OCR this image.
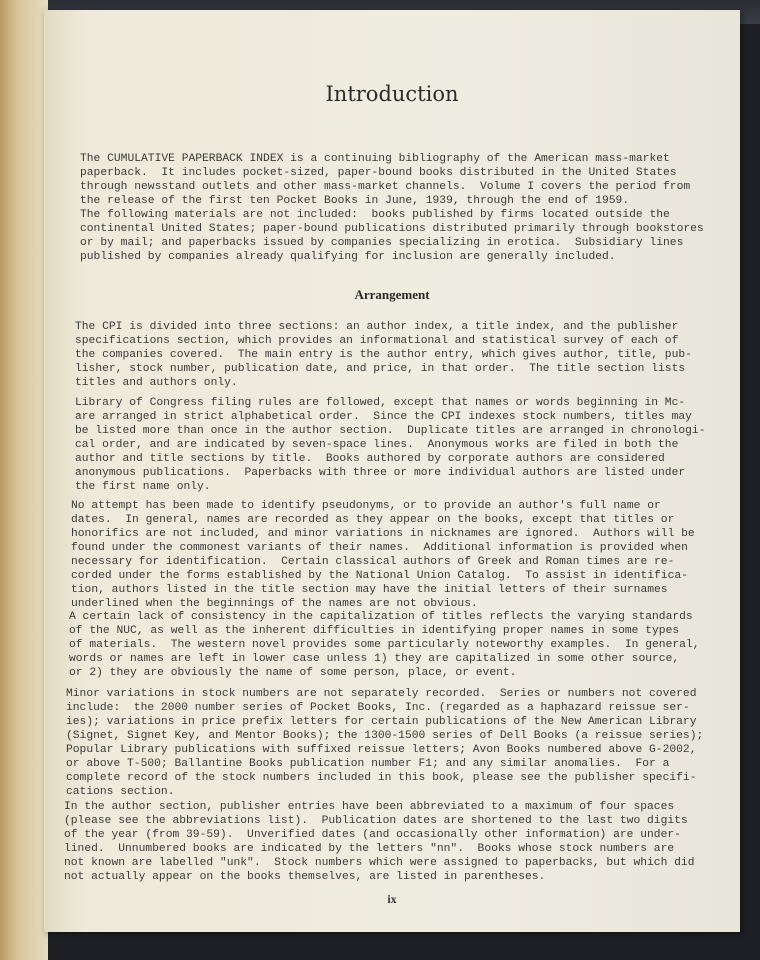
Introduction
Arrangement
The CUMULATIVE PAPERBACK INDEX is a continuing bibliography of the American mass-market
paperback.  It includes pocket-sized, paper-bound books distributed in the United States
through newsstand outlets and other mass-market channels.  Volume I covers the period from
the release of the first ten Pocket Books in June, 1939, through the end of 1959.
The following materials are not included:  books published by firms located outside the
continental United States; paper-bound publications distributed primarily through bookstores
or by mail; and paperbacks issued by companies specializing in erotica.  Subsidiary lines
published by companies already qualifying for inclusion are generally included.
The CPI is divided into three sections: an author index, a title index, and the publisher
specifications section, which provides an informational and statistical survey of each of
the companies covered.  The main entry is the author entry, which gives author, title, pub-
lisher, stock number, publication date, and price, in that order.  The title section lists
titles and authors only.
Library of Congress filing rules are followed, except that names or words beginning in Mc-
are arranged in strict alphabetical order.  Since the CPI indexes stock numbers, titles may
be listed more than once in the author section.  Duplicate titles are arranged in chronologi-
cal order, and are indicated by seven-space lines.  Anonymous works are filed in both the
author and title sections by title.  Books authored by corporate authors are considered
anonymous publications.  Paperbacks with three or more individual authors are listed under
the first name only.
No attempt has been made to identify pseudonyms, or to provide an author's full name or
dates.  In general, names are recorded as they appear on the books, except that titles or
honorifics are not included, and minor variations in nicknames are ignored.  Authors will be
found under the commonest variants of their names.  Additional information is provided when
necessary for identification.  Certain classical authors of Greek and Roman times are re-
corded under the forms established by the National Union Catalog.  To assist in identifica-
tion, authors listed in the title section may have the initial letters of their surnames
underlined when the beginnings of the names are not obvious.
A certain lack of consistency in the capitalization of titles reflects the varying standards
of the NUC, as well as the inherent difficulties in identifying proper names in some types
of materials.  The western novel provides some particularly noteworthy examples.  In general,
words or names are left in lower case unless 1) they are capitalized in some other source,
or 2) they are obviously the name of some person, place, or event.
Minor variations in stock numbers are not separately recorded.  Series or numbers not covered
include:  the 2000 number series of Pocket Books, Inc. (regarded as a haphazard reissue ser-
ies); variations in price prefix letters for certain publications of the New American Library
(Signet, Signet Key, and Mentor Books); the 1300-1500 series of Dell Books (a reissue series);
Popular Library publications with suffixed reissue letters; Avon Books numbered above G-2002,
or above T-500; Ballantine Books publication number F1; and any similar anomalies.  For a
complete record of the stock numbers included in this book, please see the publisher specifi-
cations section.
In the author section, publisher entries have been abbreviated to a maximum of four spaces
(please see the abbreviations list).  Publication dates are shortened to the last two digits
of the year (from 39-59).  Unverified dates (and occasionally other information) are under-
lined.  Unnumbered books are indicated by the letters "nn".  Books whose stock numbers are
not known are labelled "unk".  Stock numbers which were assigned to paperbacks, but which did
not actually appear on the books themselves, are listed in parentheses.
ix
